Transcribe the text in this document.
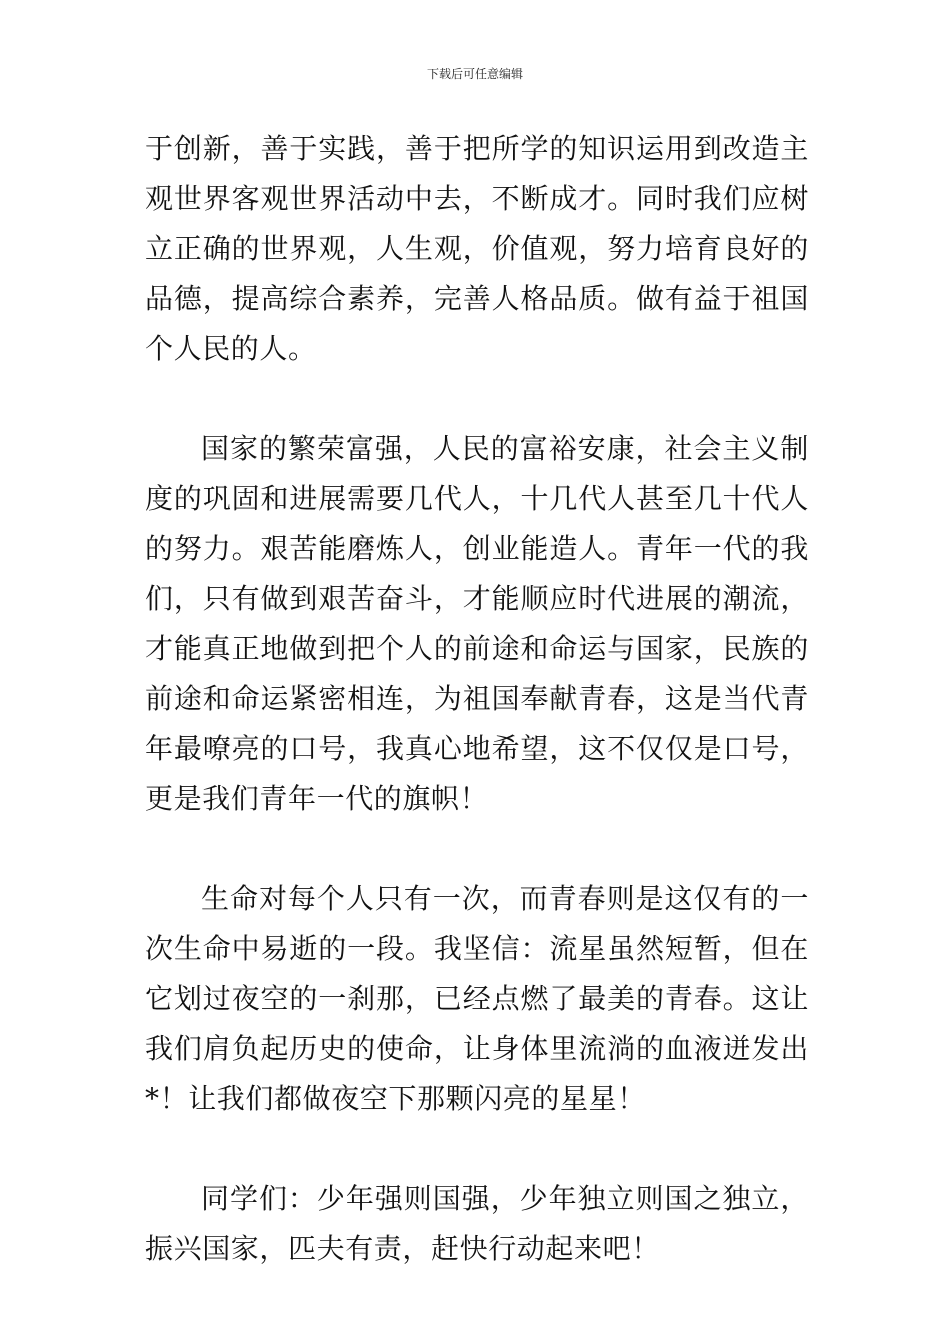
下载后可任意编辑

于创新，善于实践，善于把所学的知识运用到改造主观世界客观世界活动中去，不断成才。同时我们应树立正确的世界观，人生观，价值观，努力培育良好的品德，提高综合素养，完善人格品质。做有益于祖国个人民的人。

国家的繁荣富强，人民的富裕安康，社会主义制度的巩固和进展需要几代人，十几代人甚至几十代人的努力。艰苦能磨炼人，创业能造人。青年一代的我们，只有做到艰苦奋斗，才能顺应时代进展的潮流，才能真正地做到把个人的前途和命运与国家，民族的前途和命运紧密相连，为祖国奉献青春，这是当代青年最嘹亮的口号，我真心地希望，这不仅仅是口号，更是我们青年一代的旗帜！

生命对每个人只有一次，而青春则是这仅有的一次生命中易逝的一段。我坚信：流星虽然短暂，但在它划过夜空的一刹那，已经点燃了最美的青春。这让我们肩负起历史的使命，让身体里流淌的血液迸发出*！让我们都做夜空下那颗闪亮的星星！

同学们：少年强则国强，少年独立则国之独立，振兴国家，匹夫有责，赶快行动起来吧！
